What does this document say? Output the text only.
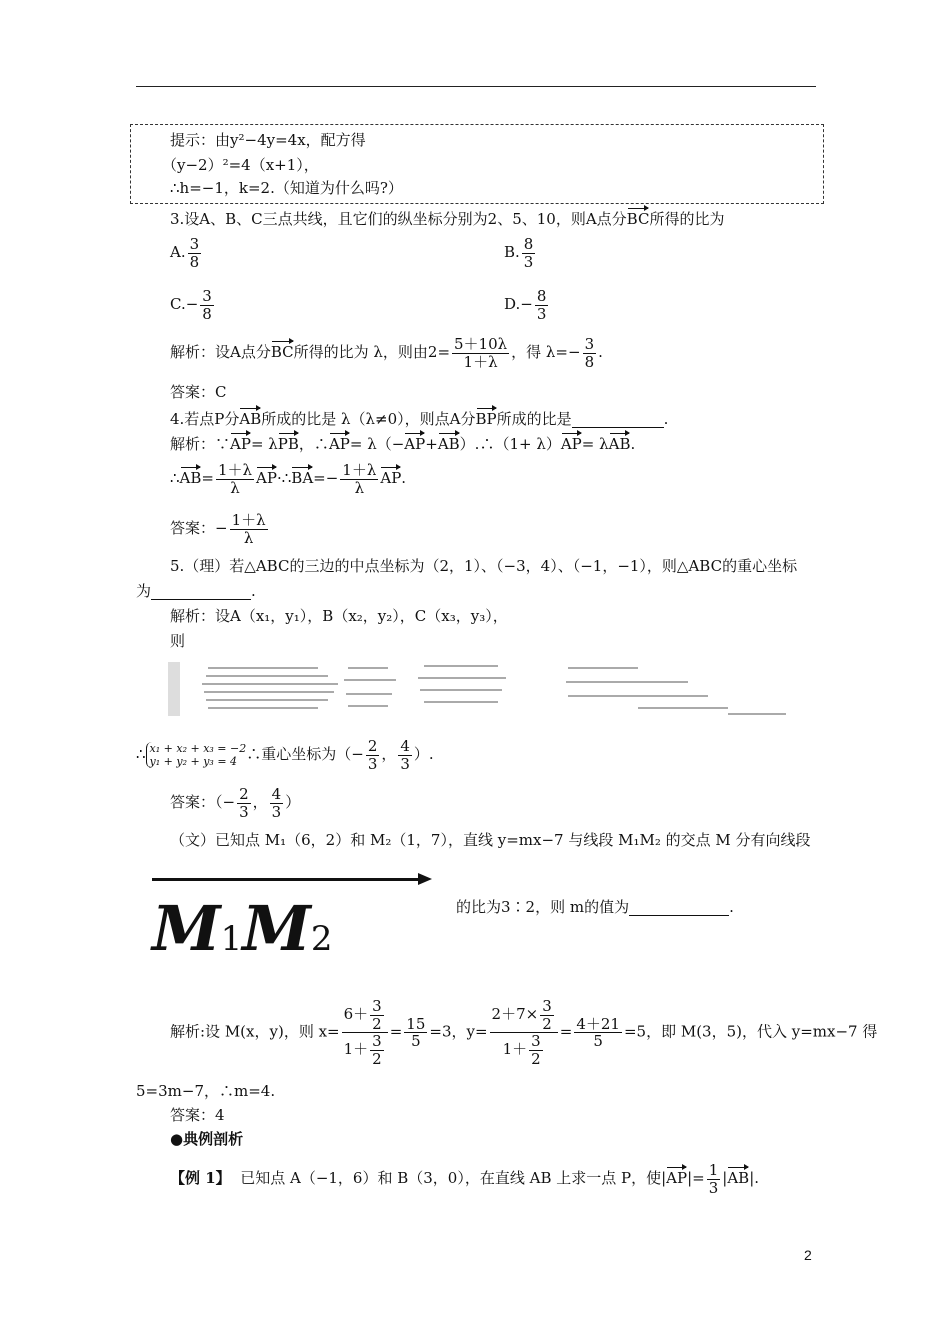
提示：由y²−4y=4x，配方得
（y−2）²=4（x+1），
∴h=−1，k=2.（知道为什么吗?）
3.设A、B、C三点共线，且它们的纵坐标分别为2、5、10，则A点分BC所得的比为
A. $\frac{3}{8}$	B. $\frac{8}{3}$
$C.- \frac{3}{8}$	$D.- \frac{8}{3}$
解析：设A点分BC所得的比为 λ，则由$2= \frac{5+10\lambda}{1+\lambda}$ ，得 $\lambda=- \frac{3}{8}$ .
答案：C
4.若点P分AB所成的比是 λ（λ≠0），则点A分BP所成的比是	.
解析：∵AP= λPB，∴AP= λ（−AP+AB）.∴（1+ λ）AP= λAB.
∴AB= $\frac{1+\lambda}{\lambda}$ AP·∴BA=− $\frac{1+\lambda}{\lambda}$ AP.
答案：− $\frac{1+\lambda}{\lambda}$
5.（理）若△ABC的三边的中点坐标为（2，1）、（−3，4）、（−1，−1），则△ABC的重心坐标
为	.
解析：设A（x₁，y₁），B（x₂，y₂），C（x₃，y₃），
则
∴ x₁ + x₂ + x₃ = −2
y₁ + y₂ + y₃ = 4 ∴重心坐标为（− $\frac{2}{3}$ ， $\frac{4}{3}$ ）.
答案：（− $\frac{2}{3}$ ， $\frac{4}{3}$ ）
（文）已知点 M₁（6，2）和 M₂（1，7），直线 y=mx−7 与线段 M₁M₂ 的交点 M 分有向线段
M1M2
的比为3∶2，则 m的值为	.
解析:设 M(x，y)，则 $x= \frac{6+ \frac{3}{2}}{1+ \frac{3}{2}} = \frac{15}{5} =3$，$y= \frac{2+7\times \frac{3}{2}}{1+ \frac{3}{2}} = \frac{4+21}{5} =5$，即 M(3，5)，代入 y=mx−7 得
5=3m−7，∴m=4.
答案：4
●典例剖析
【例 1】 已知点 A（−1，6）和 B（3，0），在直线 AB 上求一点 P，使$|AP|= \frac{1}{3} |AB|$.
2
